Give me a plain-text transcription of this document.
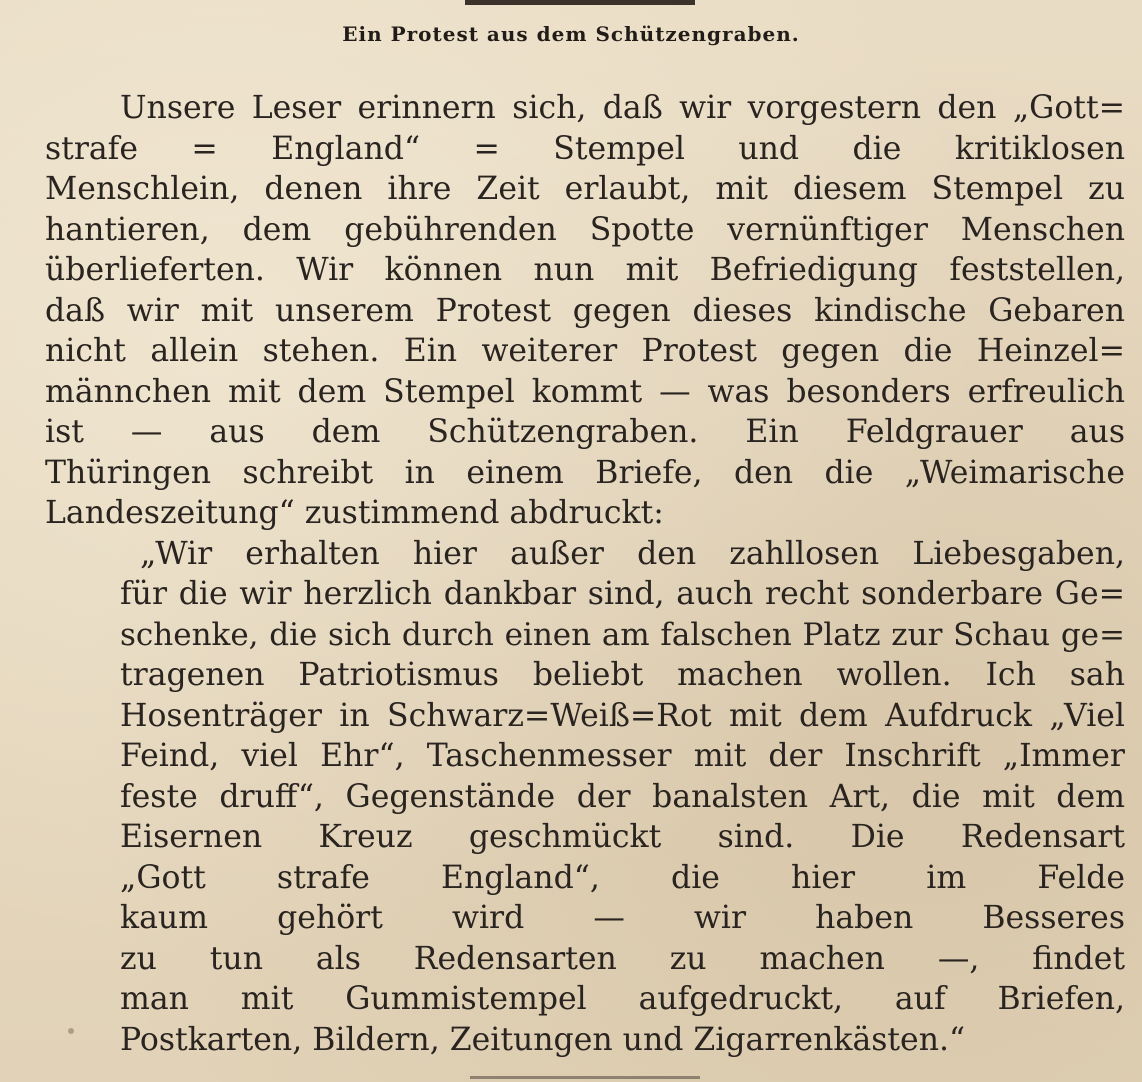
Ein Protest aus dem Schützengraben.
Unsere Leser erinnern sich, daß wir vorgestern den „Gott=
strafe = England“ = Stempel und die kritiklosen
Menschlein, denen ihre Zeit erlaubt, mit diesem Stempel zu
hantieren, dem gebührenden Spotte vernünftiger Menschen
überlieferten. Wir können nun mit Befriedigung feststellen,
daß wir mit unserem Protest gegen dieses kindische Gebaren
nicht allein stehen. Ein weiterer Protest gegen die Heinzel=
männchen mit dem Stempel kommt — was besonders erfreulich
ist — aus dem Schützengraben. Ein Feldgrauer aus
Thüringen schreibt in einem Briefe, den die „Weimarische
Landeszeitung“ zustimmend abdruckt:
„Wir erhalten hier außer den zahllosen Liebesgaben,
für die wir herzlich dankbar sind, auch recht sonderbare Ge=
schenke, die sich durch einen am falschen Platz zur Schau ge=
tragenen Patriotismus beliebt machen wollen. Ich sah
Hosenträger in Schwarz=Weiß=Rot mit dem Aufdruck „Viel
Feind, viel Ehr“, Taschenmesser mit der Inschrift „Immer
feste druff“, Gegenstände der banalsten Art, die mit dem
Eisernen Kreuz geschmückt sind. Die Redensart
„Gott strafe England“, die hier im Felde
kaum gehört wird — wir haben Besseres
zu tun als Redensarten zu machen —, findet
man mit Gummistempel aufgedruckt, auf Briefen,
Postkarten, Bildern, Zeitungen und Zigarrenkästen.“
